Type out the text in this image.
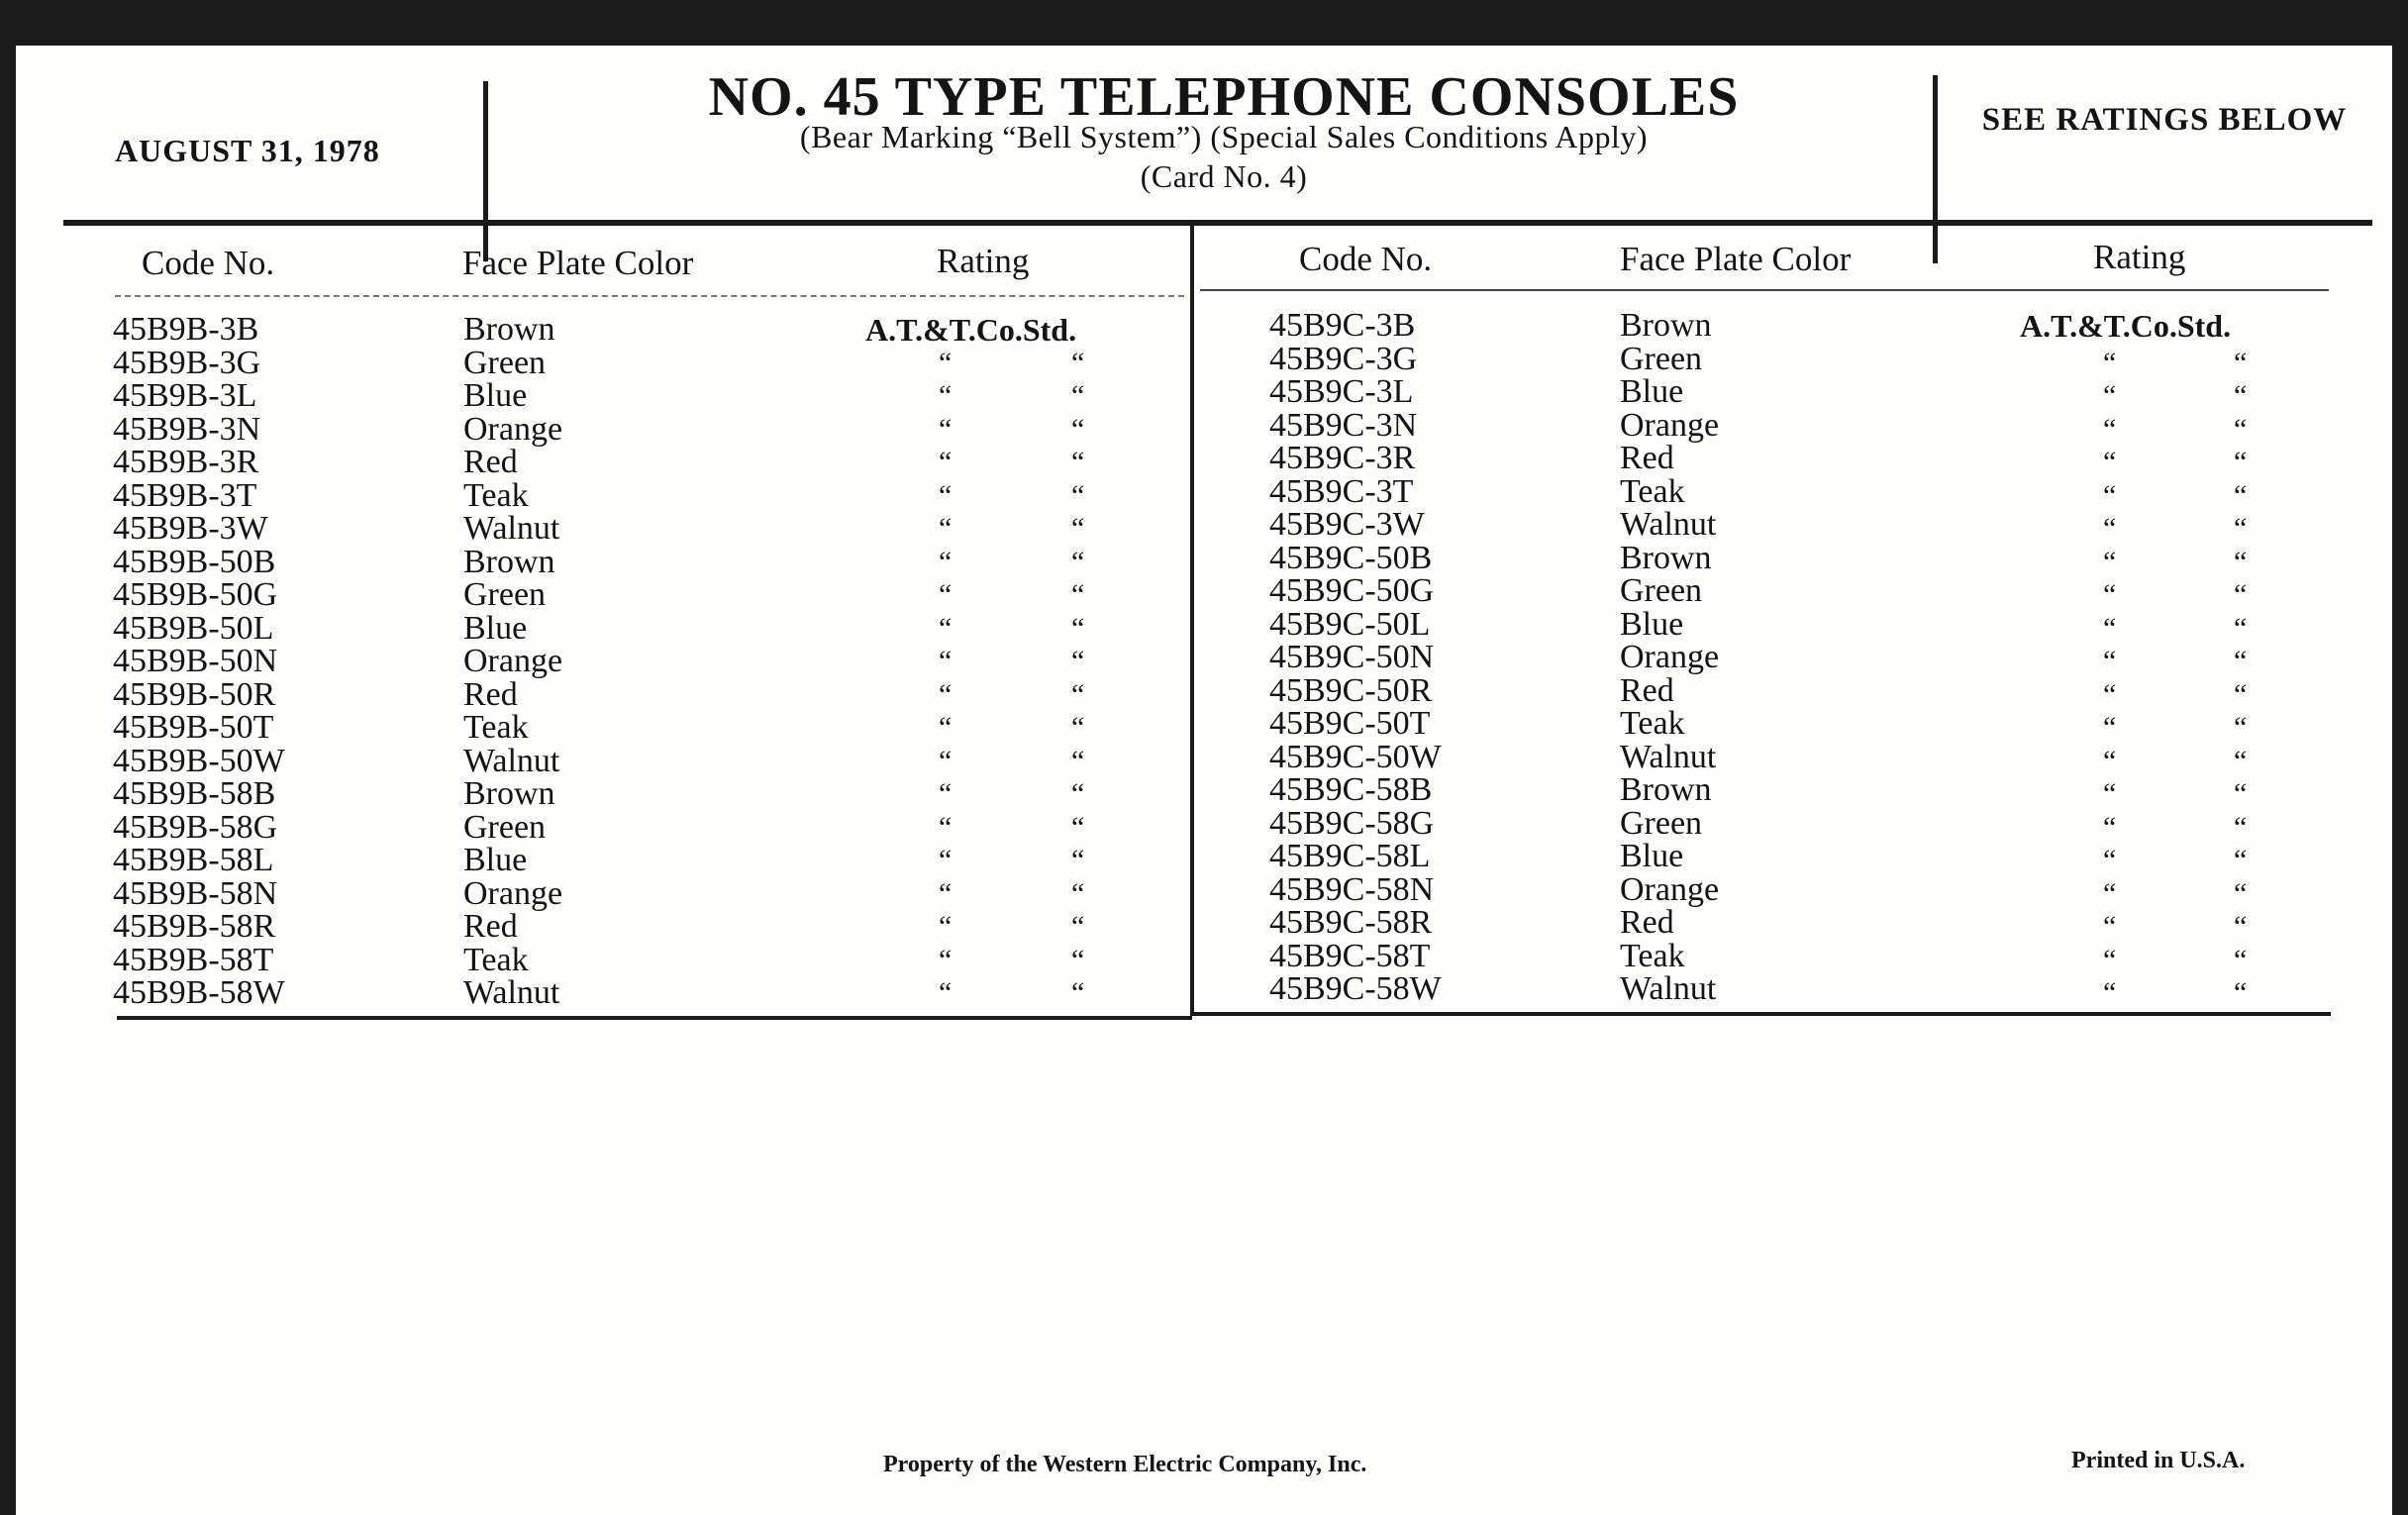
AUGUST 31, 1978
NO. 45 TYPE TELEPHONE CONSOLES
(Bear Marking “Bell System”) (Special Sales Conditions Apply)
(Card No. 4)
SEE RATINGS BELOW
Code No.	Face Plate Color	Rating	Code No.	Face Plate Color	Rating
45B9B-3B	Brown	A.T.&T.Co.Std.
45B9B-3G	Green	“	“
45B9B-3L	Blue	“	“
45B9B-3N	Orange	“	“
45B9B-3R	Red	“	“
45B9B-3T	Teak	“	“
45B9B-3W	Walnut	“	“
45B9B-50B	Brown	“	“
45B9B-50G	Green	“	“
45B9B-50L	Blue	“	“
45B9B-50N	Orange	“	“
45B9B-50R	Red	“	“
45B9B-50T	Teak	“	“
45B9B-50W	Walnut	“	“
45B9B-58B	Brown	“	“
45B9B-58G	Green	“	“
45B9B-58L	Blue	“	“
45B9B-58N	Orange	“	“
45B9B-58R	Red	“	“
45B9B-58T	Teak	“	“
45B9B-58W	Walnut	“	“
45B9C-3B	Brown	A.T.&T.Co.Std.
45B9C-3G	Green	“	“
45B9C-3L	Blue	“	“
45B9C-3N	Orange	“	“
45B9C-3R	Red	“	“
45B9C-3T	Teak	“	“
45B9C-3W	Walnut	“	“
45B9C-50B	Brown	“	“
45B9C-50G	Green	“	“
45B9C-50L	Blue	“	“
45B9C-50N	Orange	“	“
45B9C-50R	Red	“	“
45B9C-50T	Teak	“	“
45B9C-50W	Walnut	“	“
45B9C-58B	Brown	“	“
45B9C-58G	Green	“	“
45B9C-58L	Blue	“	“
45B9C-58N	Orange	“	“
45B9C-58R	Red	“	“
45B9C-58T	Teak	“	“
45B9C-58W	Walnut	“	“
Property of the Western Electric Company, Inc.	Printed in U.S.A.
